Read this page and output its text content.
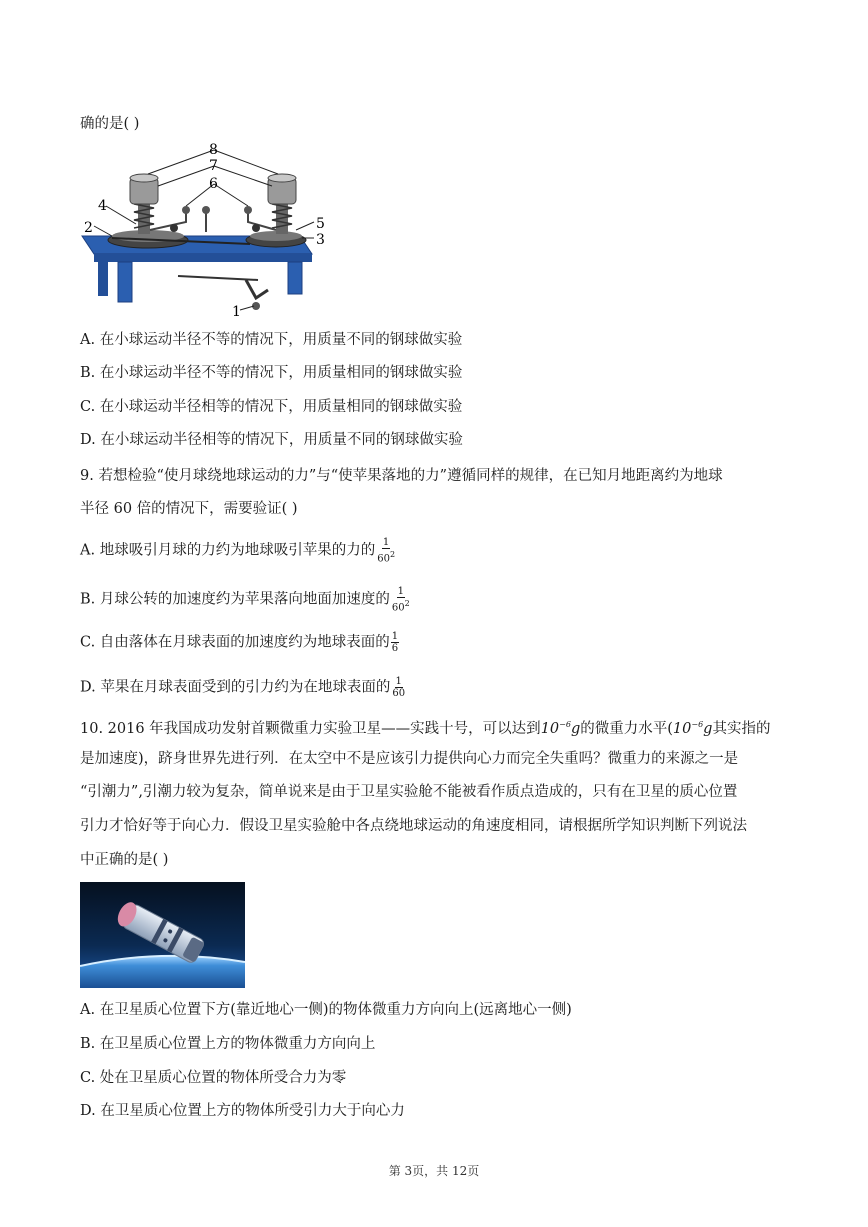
确的是( )
8
7
6
4
2	5
3
1
A. 在小球运动半径不等的情况下，用质量不同的钢球做实验
B. 在小球运动半径不等的情况下，用质量相同的钢球做实验
C. 在小球运动半径相等的情况下，用质量相同的钢球做实验
D. 在小球运动半径相等的情况下，用质量不同的钢球做实验
9. 若想检验“使月球绕地球运动的力”与“使苹果落地的力”遵循同样的规律，在已知月地距离约为地球
半径 60 倍的情况下，需要验证( )
A. 地球吸引月球的力约为地球吸引苹果的力的 $\frac{1}{60^2}$
B. 月球公转的加速度约为苹果落向地面加速度的 $\frac{1}{60^2}$
C. 自由落体在月球表面的加速度约为地球表面的 $\frac{1}{6}$
D. 苹果在月球表面受到的引力约为在地球表面的 $\frac{1}{60}$
10. 2016 年我国成功发射首颗微重力实验卫星——实践十号，可以达到$10^{-6}g$的微重力水平($10^{-6}g$其实指的
是加速度)，跻身世界先进行列．在太空中不是应该引力提供向心力而完全失重吗？微重力的来源之一是
“引潮力”,引潮力较为复杂，简单说来是由于卫星实验舱不能被看作质点造成的，只有在卫星的质心位置
引力才恰好等于向心力．假设卫星实验舱中各点绕地球运动的角速度相同，请根据所学知识判断下列说法
中正确的是( )
A. 在卫星质心位置下方(靠近地心一侧)的物体微重力方向向上(远离地心一侧)
B. 在卫星质心位置上方的物体微重力方向向上
C. 处在卫星质心位置的物体所受合力为零
D. 在卫星质心位置上方的物体所受引力大于向心力
第 3页，共 12页
